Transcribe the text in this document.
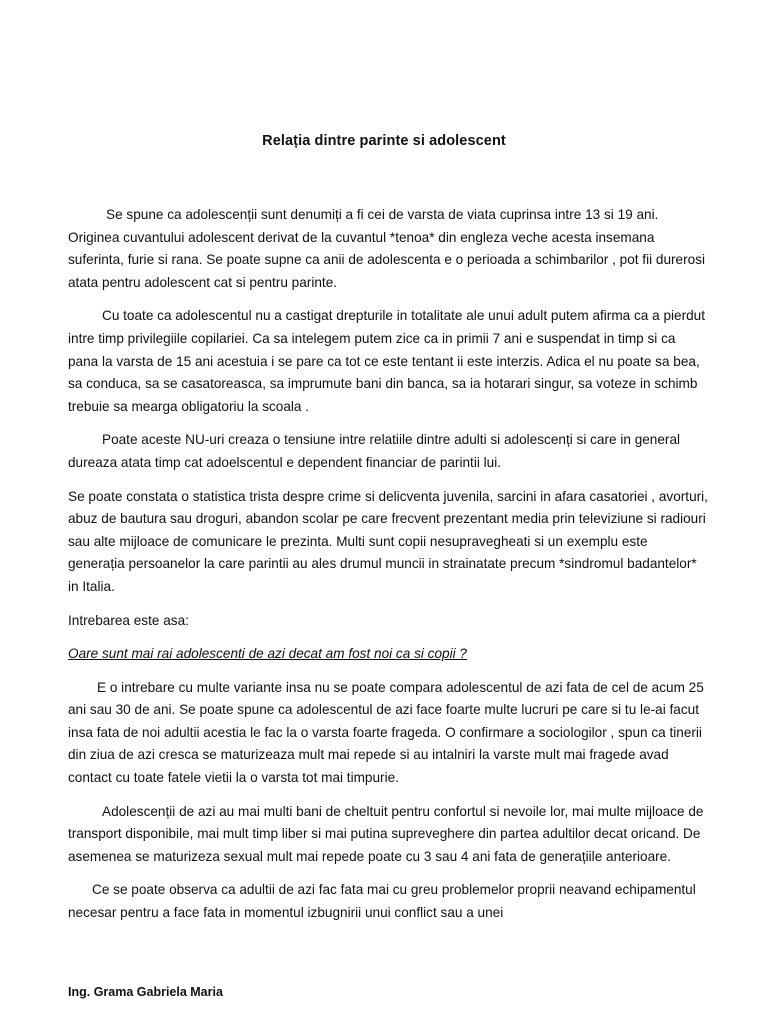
Relația dintre parinte si adolescent

Se spune ca adolescenții sunt denumiți a fi cei de varsta de viata cuprinsa intre 13 si 19 ani. Originea cuvantului adolescent derivat de la cuvantul *tenoa* din engleza veche acesta insemana suferinta, furie si rana. Se poate supne ca anii de adolescenta e o perioada a schimbarilor , pot fii durerosi atata pentru adolescent cat si pentru parinte.

Cu toate ca adolescentul nu a castigat drepturile in totalitate ale unui adult putem afirma ca a pierdut intre timp privilegiile copilariei. Ca sa intelegem putem zice ca in primii 7 ani e suspendat in timp si ca pana la varsta de 15 ani acestuia i se pare ca tot ce este tentant ii este interzis. Adica el nu poate sa bea, sa conduca, sa se casatoreasca, sa imprumute bani din banca, sa ia hotarari singur, sa voteze in schimb trebuie sa mearga obligatoriu la scoala .

Poate aceste NU-uri creaza o tensiune intre relatiile dintre adulti si adolescenți si care in general dureaza atata timp cat adoelscentul e dependent financiar de parintii lui.

Se poate constata o statistica trista despre crime si delicventa juvenila, sarcini in afara casatoriei , avorturi, abuz de bautura sau droguri, abandon scolar pe care frecvent prezentant media prin televiziune si radiouri sau alte mijloace de comunicare le prezinta. Multi sunt copii nesupravegheati si un exemplu este generația persoanelor la care parintii au ales drumul muncii in strainatate precum *sindromul badantelor* in Italia.

Intrebarea este asa:

Oare sunt mai rai adolescenti de azi decat am fost noi ca si copii ?

E o intrebare cu multe variante insa nu se poate compara adolescentul de azi fata de cel de acum 25 ani sau 30 de ani. Se poate spune ca adolescentul de azi face foarte multe lucruri pe care si tu le-ai facut insa fata de noi adultii acestia le fac la o varsta foarte frageda. O confirmare a sociologilor , spun ca tinerii din ziua de azi cresca se maturizeaza mult mai repede si au intalniri la varste mult mai fragede avad contact cu toate fatele vietii la o varsta tot mai timpurie.

Adolescenții de azi au mai multi bani de cheltuit pentru confortul si nevoile lor, mai multe mijloace de transport disponibile, mai mult timp liber si mai putina supreveghere din partea adultilor decat oricand. De asemenea se maturizeza sexual mult mai repede poate cu 3 sau 4 ani fata de generațiile anterioare.

Ce se poate observa ca adultii de azi fac fata mai cu greu problemelor proprii neavand echipamentul necesar pentru a face fata in momentul izbugnirii unui conflict sau a unei

Ing. Grama Gabriela Maria
